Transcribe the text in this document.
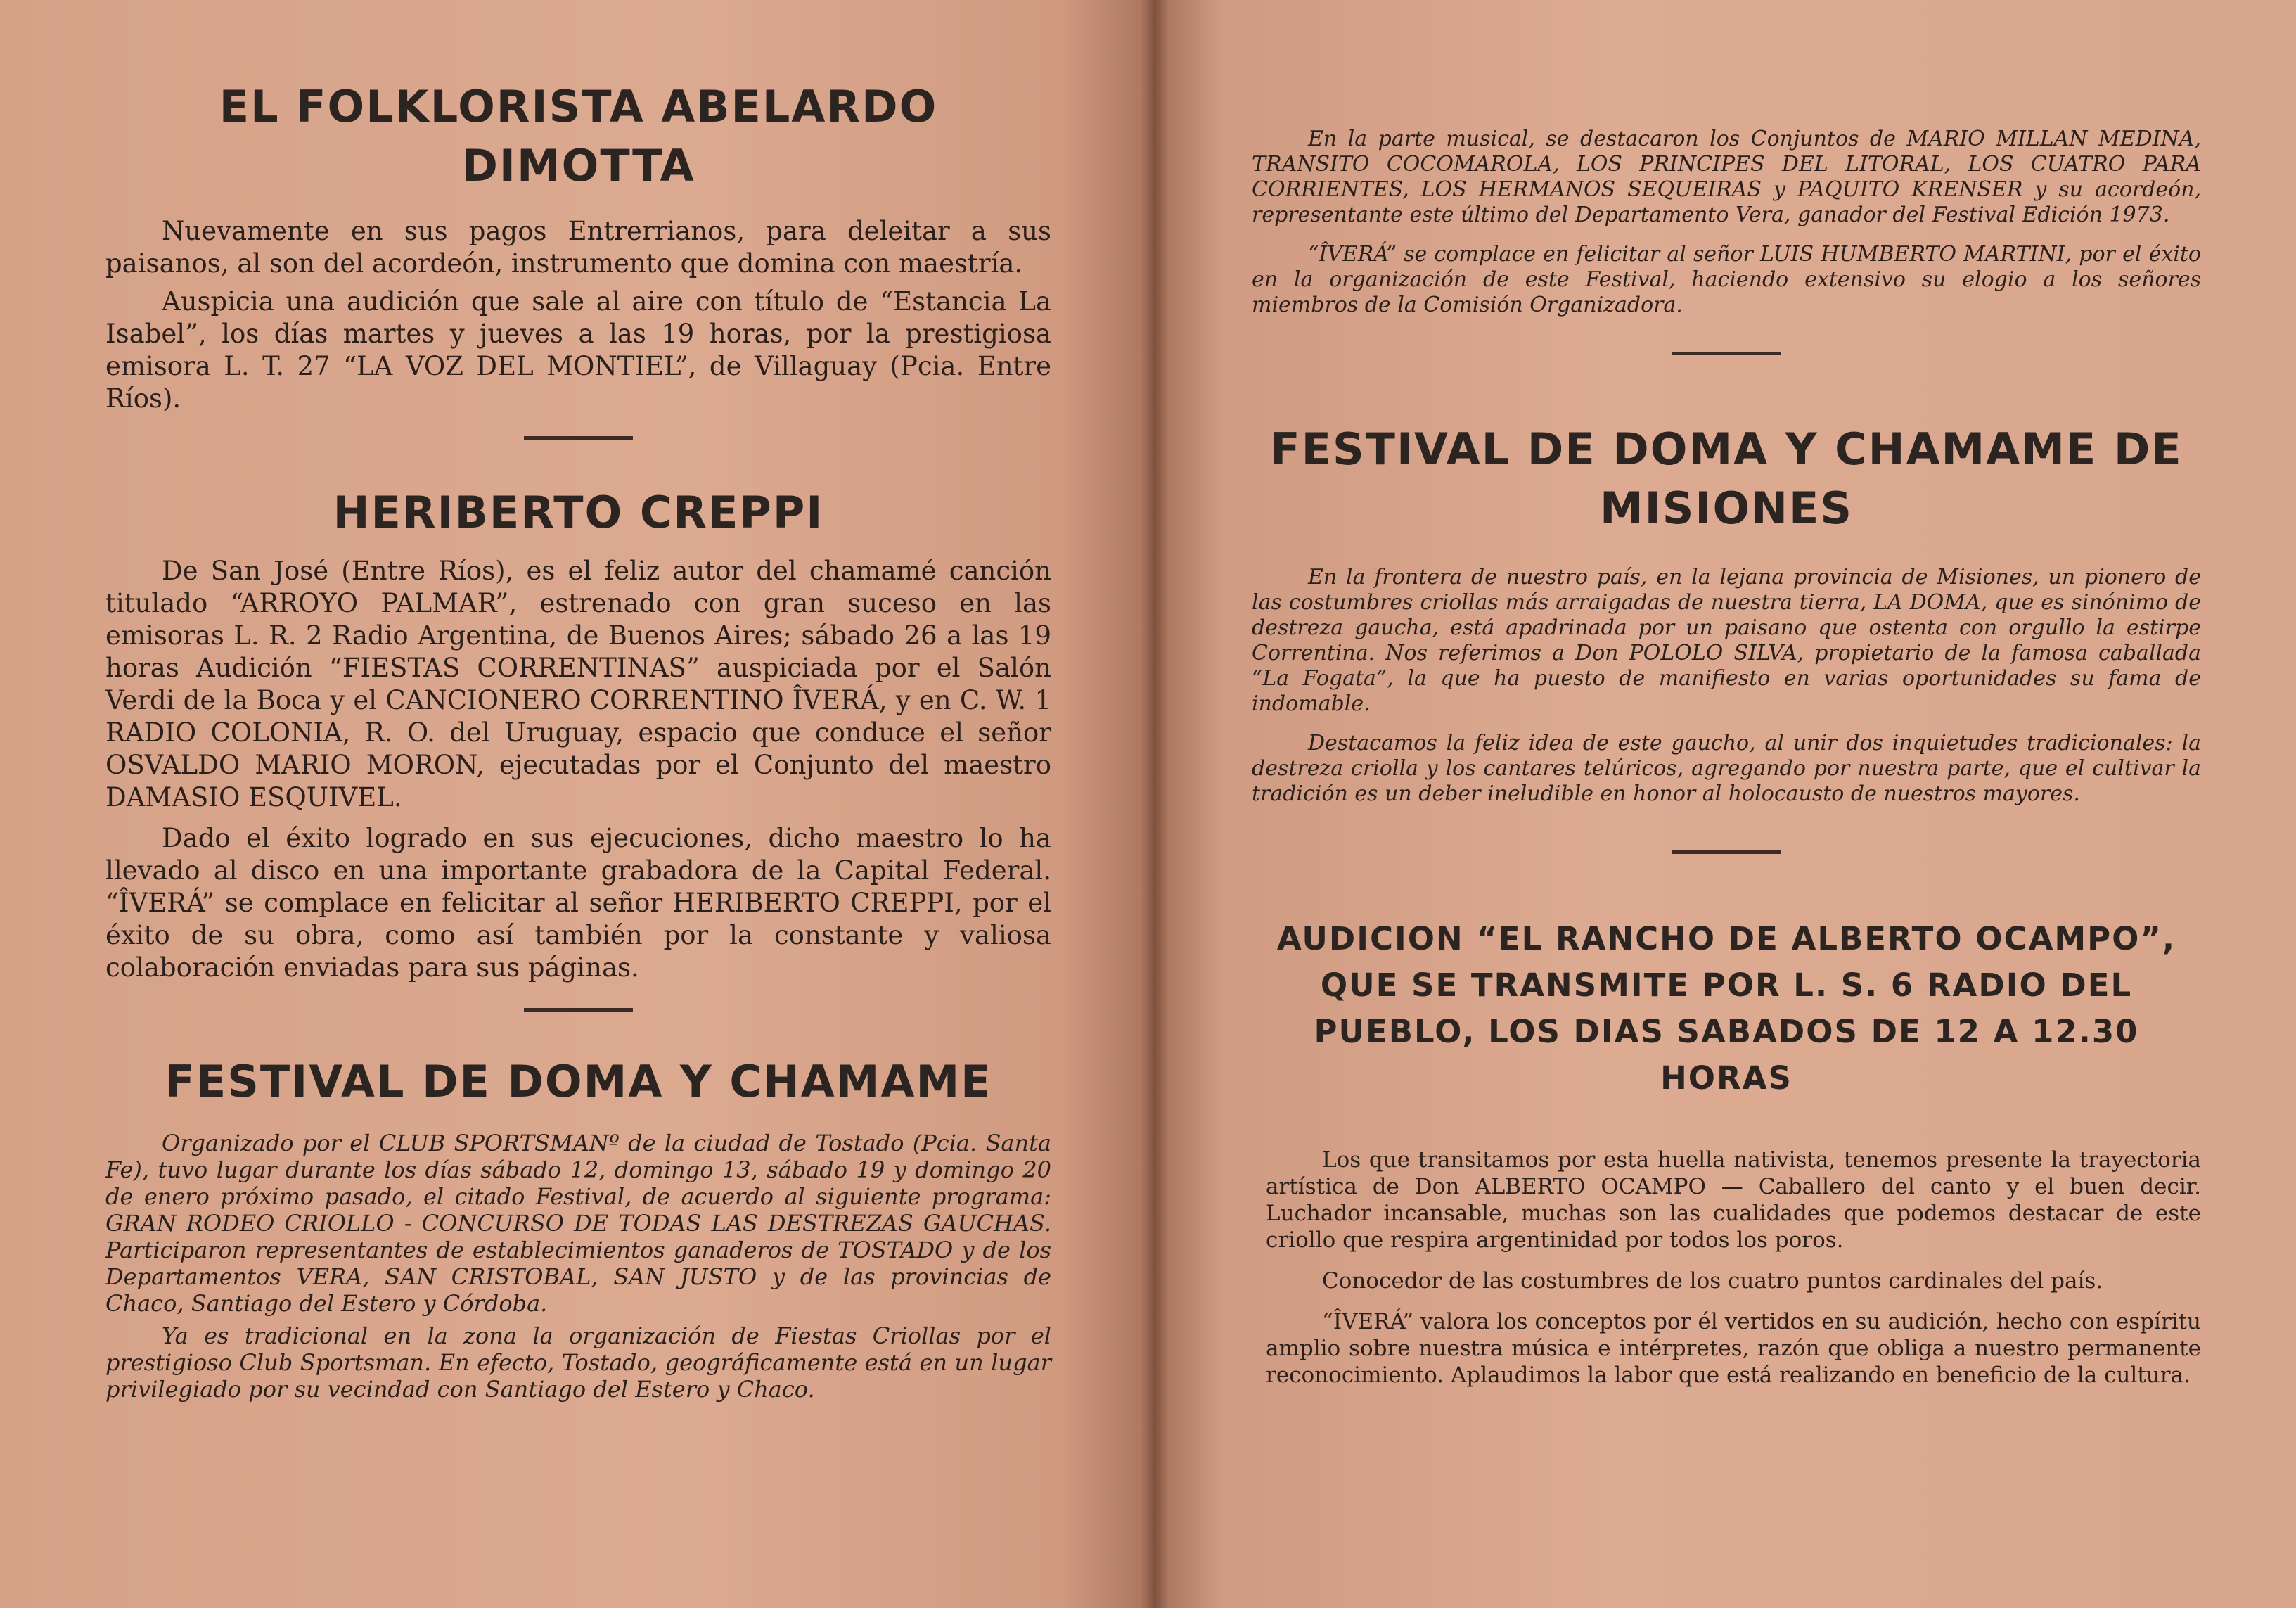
EL FOLKLORISTA ABELARDO DIMOTTA

Nuevamente en sus pagos Entrerrianos, para deleitar a sus paisanos, al son del acordeón, instrumento que domina con maestría.

Auspicia una audición que sale al aire con título de “Estancia La Isabel”, los días martes y jueves a las 19 horas, por la prestigiosa emisora L. T. 27 “LA VOZ DEL MONTIEL”, de Villaguay (Pcia. Entre Ríos).

HERIBERTO CREPPI

De San José (Entre Ríos), es el feliz autor del chamamé canción titulado “ARROYO PALMAR”, estrenado con gran suceso en las emisoras L. R. 2 Radio Argentina, de Buenos Aires; sábado 26 a las 19 horas Audición “FIESTAS CORRENTINAS” auspiciada por el Salón Verdi de la Boca y el CANCIONERO CORRENTINO ÎVERÁ, y en C. W. 1 RADIO COLONIA, R. O. del Uruguay, espacio que conduce el señor OSVALDO MARIO MORON, ejecutadas por el Conjunto del maestro DAMASIO ESQUIVEL.

Dado el éxito logrado en sus ejecuciones, dicho maestro lo ha llevado al disco en una importante grabadora de la Capital Federal. “ÎVERÁ” se complace en felicitar al señor HERIBERTO CREPPI, por el éxito de su obra, como así también por la constante y valiosa colaboración enviadas para sus páginas.

FESTIVAL DE DOMA Y CHAMAME

Organizado por el CLUB SPORTSMANº de la ciudad de Tostado (Pcia. Santa Fe), tuvo lugar durante los días sábado 12, domingo 13, sábado 19 y domingo 20 de enero próximo pasado, el citado Festival, de acuerdo al siguiente programa: GRAN RODEO CRIOLLO - CONCURSO DE TODAS LAS DESTREZAS GAUCHAS. Participaron representantes de establecimientos ganaderos de TOSTADO y de los Departamentos VERA, SAN CRISTOBAL, SAN JUSTO y de las provincias de Chaco, Santiago del Estero y Córdoba.

Ya es tradicional en la zona la organización de Fiestas Criollas por el prestigioso Club Sportsman. En efecto, Tostado, geográficamente está en un lugar privilegiado por su vecindad con Santiago del Estero y Chaco.

En la parte musical, se destacaron los Conjuntos de MARIO MILLAN MEDINA, TRANSITO COCOMAROLA, LOS PRINCIPES DEL LITORAL, LOS CUATRO PARA CORRIENTES, LOS HERMANOS SEQUEIRAS y PAQUITO KRENSER y su acordeón, representante este último del Departamento Vera, ganador del Festival Edición 1973.

“ÎVERÁ” se complace en felicitar al señor LUIS HUMBERTO MARTINI, por el éxito en la organización de este Festival, haciendo extensivo su elogio a los señores miembros de la Comisión Organizadora.

FESTIVAL DE DOMA Y CHAMAME DE MISIONES

En la frontera de nuestro país, en la lejana provincia de Misiones, un pionero de las costumbres criollas más arraigadas de nuestra tierra, LA DOMA, que es sinónimo de destreza gaucha, está apadrinada por un paisano que ostenta con orgullo la estirpe Correntina. Nos referimos a Don POLOLO SILVA, propietario de la famosa caballada “La Fogata”, la que ha puesto de manifiesto en varias oportunidades su fama de indomable.

Destacamos la feliz idea de este gaucho, al unir dos inquietudes tradicionales: la destreza criolla y los cantares telúricos, agregando por nuestra parte, que el cultivar la tradición es un deber ineludible en honor al holocausto de nuestros mayores.

AUDICION “EL RANCHO DE ALBERTO OCAMPO”, QUE SE TRANSMITE POR L. S. 6 RADIO DEL PUEBLO, LOS DIAS SABADOS DE 12 A 12.30 HORAS

Los que transitamos por esta huella nativista, tenemos presente la trayectoria artística de Don ALBERTO OCAMPO — Caballero del canto y el buen decir. Luchador incansable, muchas son las cualidades que podemos destacar de este criollo que respira argentinidad por todos los poros.

Conocedor de las costumbres de los cuatro puntos cardinales del país.

“ÎVERÁ” valora los conceptos por él vertidos en su audición, hecho con espíritu amplio sobre nuestra música e intérpretes, razón que obliga a nuestro permanente reconocimiento. Aplaudimos la labor que está realizando en beneficio de la cultura.
